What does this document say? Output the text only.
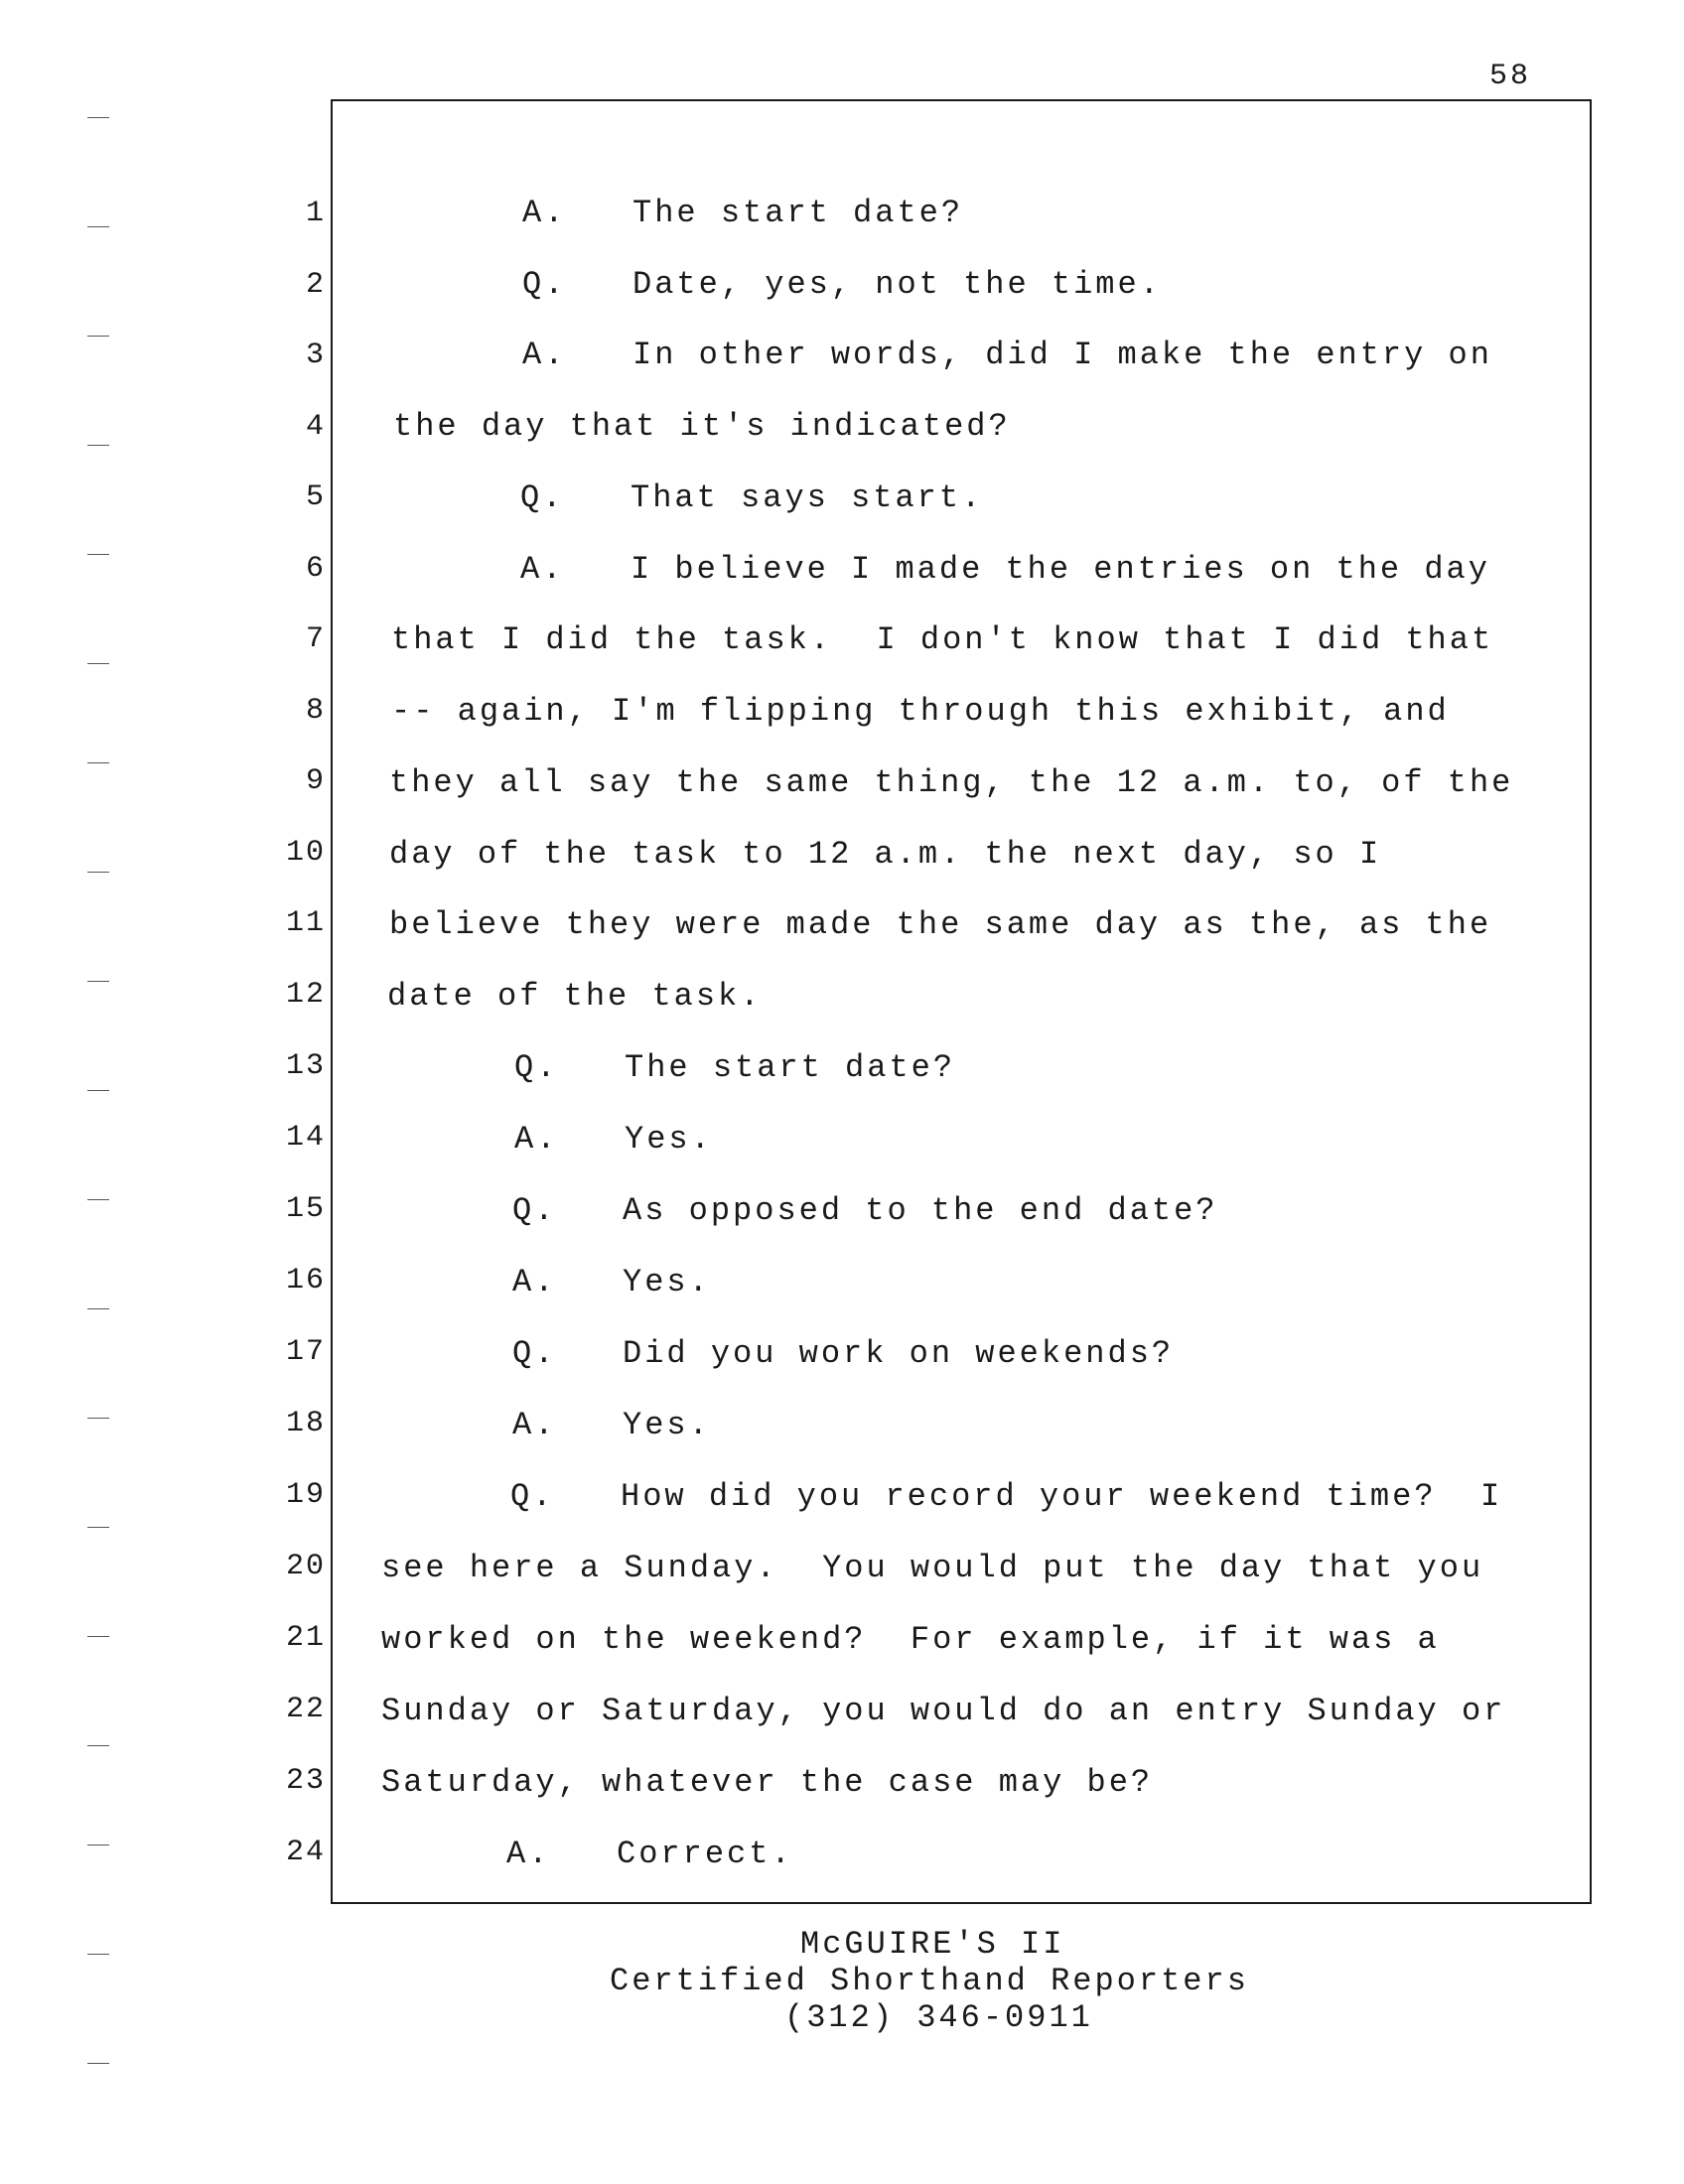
58
1	A.   The start date?
2	Q.   Date, yes, not the time.
3	A.   In other words, did I make the entry on
4 the day that it's indicated?
5	Q.   That says start.
6	A.   I believe I made the entries on the day
7 that I did the task.  I don't know that I did that
8 -- again, I'm flipping through this exhibit, and
9 they all say the same thing, the 12 a.m. to, of the
10 day of the task to 12 a.m. the next day, so I
11 believe they were made the same day as the, as the
12 date of the task.
13	Q.   The start date?
14	A.   Yes.
15	Q.   As opposed to the end date?
16	A.   Yes.
17	Q.   Did you work on weekends?
18	A.   Yes.
19	Q.   How did you record your weekend time?  I
20 see here a Sunday.  You would put the day that you
21 worked on the weekend?  For example, if it was a
22 Sunday or Saturday, you would do an entry Sunday or
23 Saturday, whatever the case may be?
24	A.   Correct.
McGUIRE'S II
Certified Shorthand Reporters
(312) 346-0911
